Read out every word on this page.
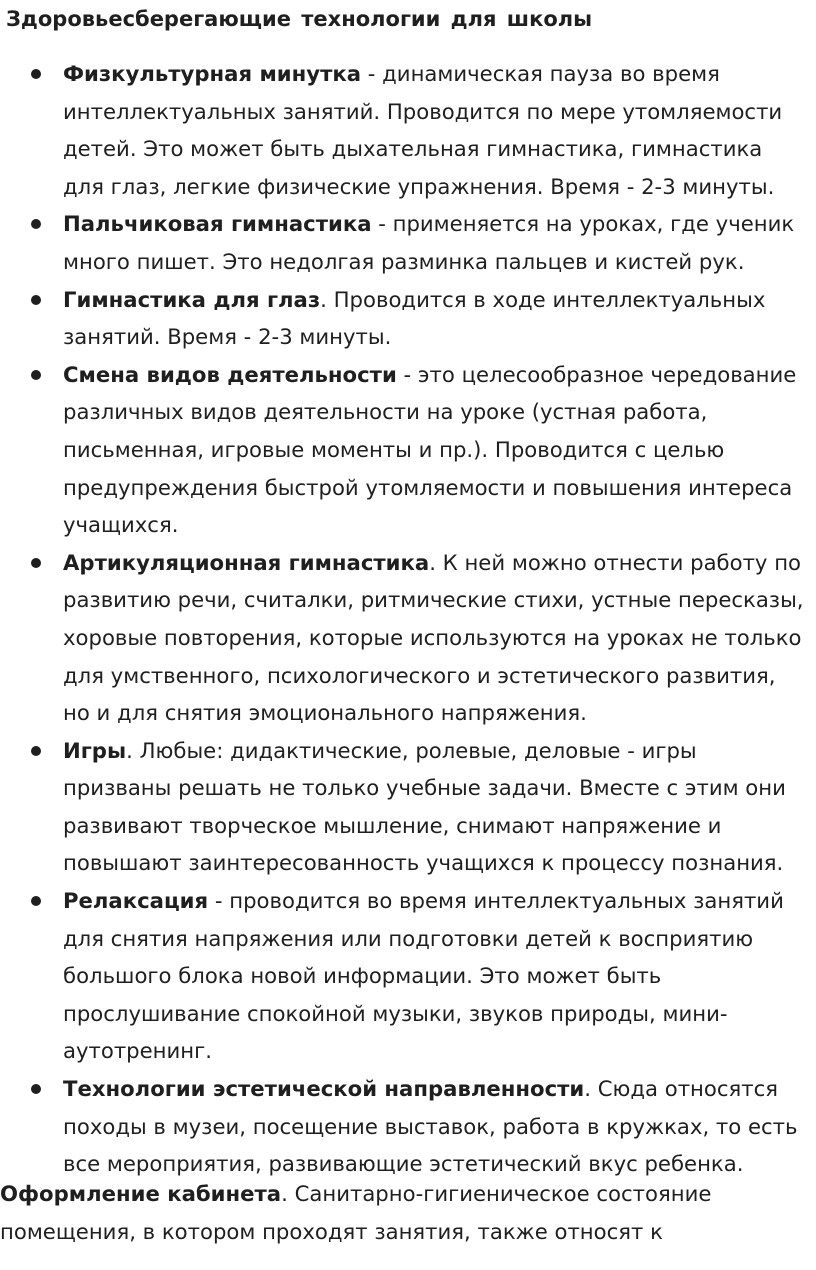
Здоровьесберегающие технологии для школы
Физкультурная минутка - динамическая пауза во время интеллектуальных занятий. Проводится по мере утомляемости детей. Это может быть дыхательная гимнастика, гимнастика для глаз, легкие физические упражнения. Время - 2-3 минуты.
Пальчиковая гимнастика - применяется на уроках, где ученик много пишет. Это недолгая разминка пальцев и кистей рук.
Гимнастика для глаз. Проводится в ходе интеллектуальных занятий. Время - 2-3 минуты.
Смена видов деятельности - это целесообразное чередование различных видов деятельности на уроке (устная работа, письменная, игровые моменты и пр.). Проводится с целью предупреждения быстрой утомляемости и повышения интереса учащихся.
Артикуляционная гимнастика. К ней можно отнести работу по развитию речи, считалки, ритмические стихи, устные пересказы, хоровые повторения, которые используются на уроках не только для умственного, психологического и эстетического развития, но и для снятия эмоционального напряжения.
Игры. Любые: дидактические, ролевые, деловые - игры призваны решать не только учебные задачи. Вместе с этим они развивают творческое мышление, снимают напряжение и повышают заинтересованность учащихся к процессу познания.
Релаксация - проводится во время интеллектуальных занятий для снятия напряжения или подготовки детей к восприятию большого блока новой информации. Это может быть прослушивание спокойной музыки, звуков природы, мини-аутотренинг.
Технологии эстетической направленности. Сюда относятся походы в музеи, посещение выставок, работа в кружках, то есть все мероприятия, развивающие эстетический вкус ребенка.

Оформление кабинета. Санитарно-гигиеническое состояние помещения, в котором проходят занятия, также относят к
